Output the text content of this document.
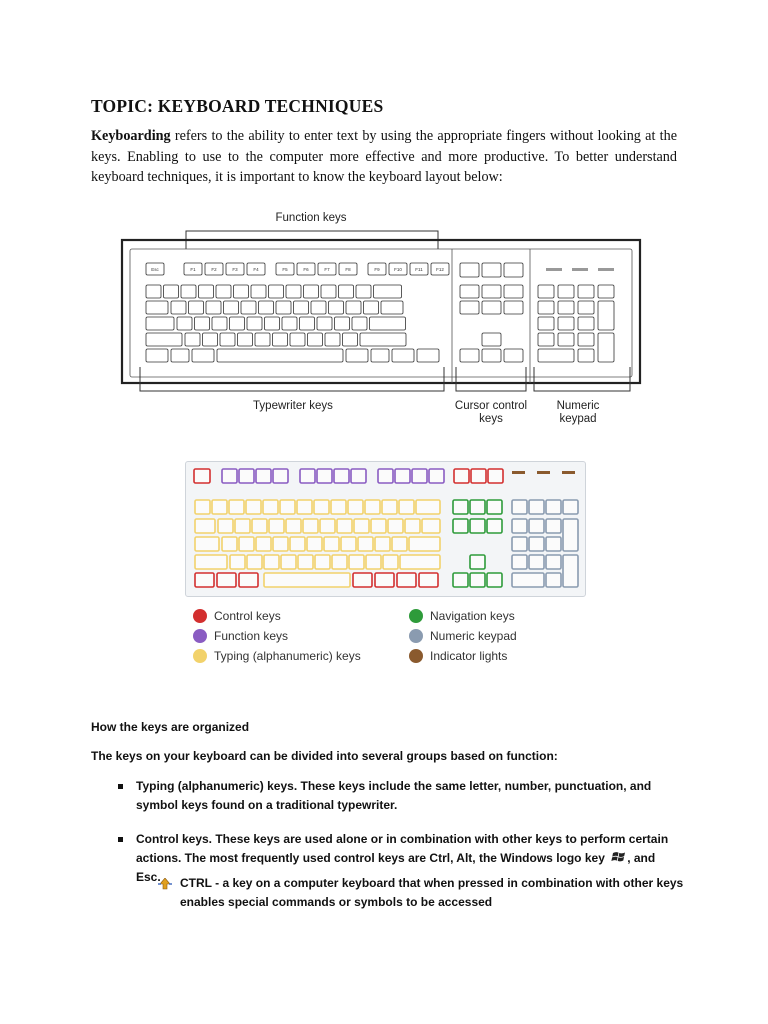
TOPIC: KEYBOARD TECHNIQUES

Keyboarding refers to the ability to enter text by using the appropriate fingers without looking at the keys. Enabling to use to the computer more effective and more productive. To better understand keyboard techniques, it is important to know the keyboard layout below:

Esc	F1	F2	F3	F4	F5	F6	F7	F8	F9	F10	F11	F12
Function keys
Typewriter keys	Cursor control keys
Numeric keypad
Control keys
Function keys
Typing (alphanumeric) keys
Navigation keys
Numeric keypad
Indicator lights

How the keys are organized

The keys on your keyboard can be divided into several groups based on function:

Typing (alphanumeric) keys. These keys include the same letter, number, punctuation, and symbol keys found on a traditional typewriter.
Control keys. These keys are used alone or in combination with other keys to perform certain actions. The most frequently used control keys are Ctrl, Alt, the Windows logo key , and Esc.	CTRL - a key on a computer keyboard that when pressed in combination with other keys enables special commands or symbols to be accessed
